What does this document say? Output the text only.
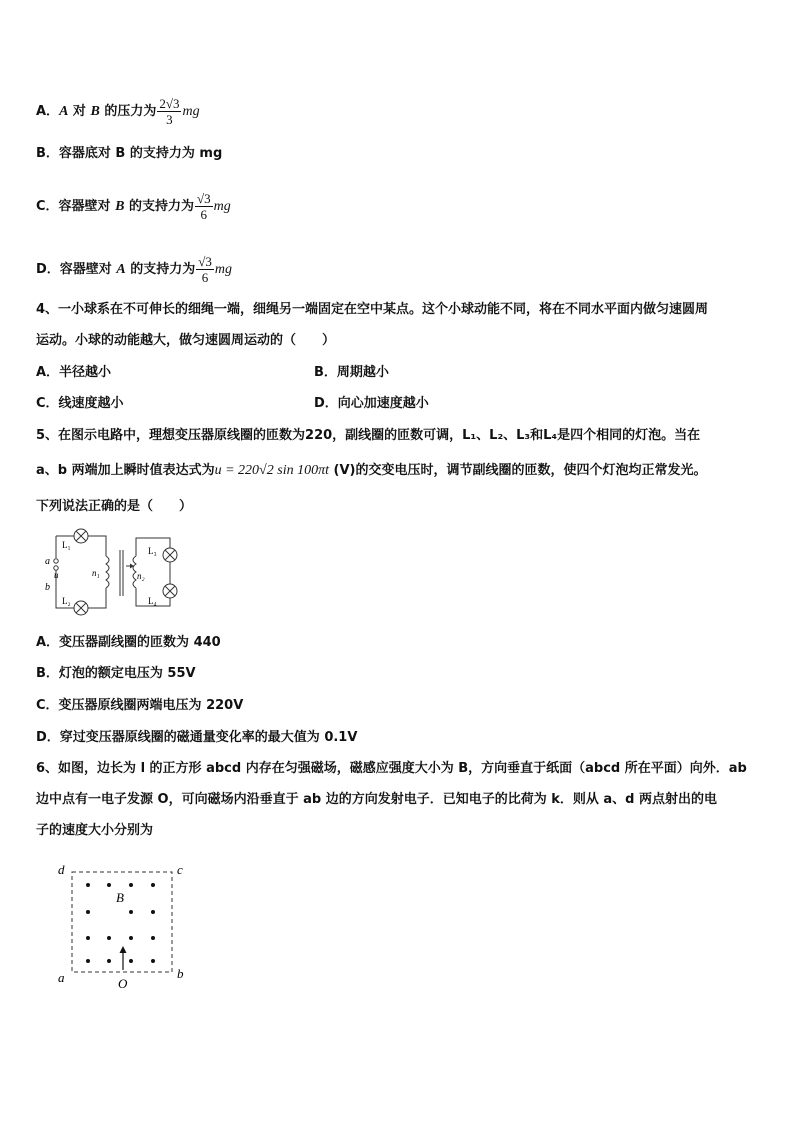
A．A 对 B 的压力为 $\frac{2√3}{3}$ mg
B．容器底对 B 的支持力为 mg
C．容器壁对 B 的支持力为 $\frac{√3}{6}$ mg
D．容器壁对 A 的支持力为 $\frac{√3}{6}$ mg
4、一小球系在不可伸长的细绳一端，细绳另一端固定在空中某点。这个小球动能不同，将在不同水平面内做匀速圆周
运动。小球的动能越大，做匀速圆周运动的（　　）
A．半径越小	B．周期越小
C．线速度越小	D．向心加速度越小
5、在图示电路中，理想变压器原线圈的匝数为220，副线圈的匝数可调，L₁、L₂、L₃和L₄是四个相同的灯泡。当在
a、b 两端加上瞬时值表达式为u = 220√2 sin 100πt (V)的交变电压时，调节副线圈的匝数，使四个灯泡均正常发光。
下列说法正确的是（　　）
a
u
b
L₁
L₂
n₁	n₂
L₃
L₄
A．变压器副线圈的匝数为 440
B．灯泡的额定电压为 55V
C．变压器原线圈两端电压为 220V
D．穿过变压器原线圈的磁通量变化率的最大值为 0.1V
6、如图，边长为 l 的正方形 abcd 内存在匀强磁场，磁感应强度大小为 B，方向垂直于纸面（abcd 所在平面）向外．ab
边中点有一电子发源 O，可向磁场内沿垂直于 ab 边的方向发射电子．已知电子的比荷为 k．则从 a、d 两点射出的电
子的速度大小分别为
d	c
a	b
B
O
